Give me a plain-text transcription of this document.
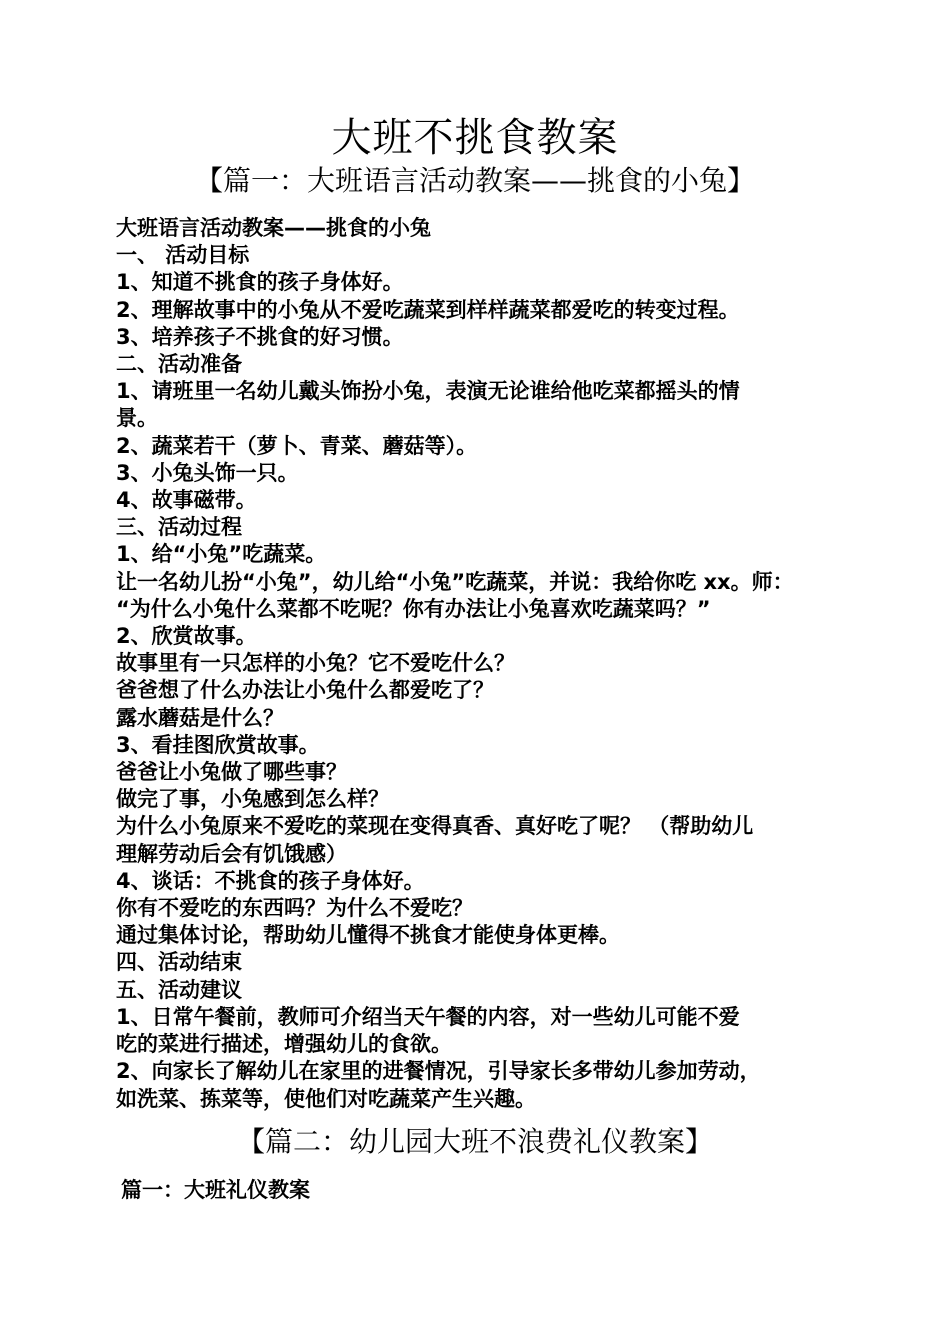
大班不挑食教案
【篇一：大班语言活动教案——挑食的小兔】
大班语言活动教案——挑食的小兔
一、 活动目标
1、知道不挑食的孩子身体好。
2、理解故事中的小兔从不爱吃蔬菜到样样蔬菜都爱吃的转变过程。
3、培养孩子不挑食的好习惯。
二、活动准备
1、请班里一名幼儿戴头饰扮小兔，表演无论谁给他吃菜都摇头的情
景。
2、蔬菜若干（萝卜、青菜、蘑菇等）。
3、小兔头饰一只。
4、故事磁带。
三、活动过程
1、给“小兔”吃蔬菜。
让一名幼儿扮“小兔”，幼儿给“小兔”吃蔬菜，并说：我给你吃 xx。师：
“为什么小兔什么菜都不吃呢？你有办法让小兔喜欢吃蔬菜吗？”
2、欣赏故事。
故事里有一只怎样的小兔？它不爱吃什么？
爸爸想了什么办法让小兔什么都爱吃了？
露水蘑菇是什么？
3、看挂图欣赏故事。
爸爸让小兔做了哪些事？
做完了事，小兔感到怎么样？
为什么小兔原来不爱吃的菜现在变得真香、真好吃了呢？ （帮助幼儿
理解劳动后会有饥饿感）
4、谈话：不挑食的孩子身体好。
你有不爱吃的东西吗？为什么不爱吃？
通过集体讨论，帮助幼儿懂得不挑食才能使身体更棒。
四、活动结束
五、活动建议
1、日常午餐前，教师可介绍当天午餐的内容，对一些幼儿可能不爱
吃的菜进行描述，增强幼儿的食欲。
2、向家长了解幼儿在家里的进餐情况，引导家长多带幼儿参加劳动，
如洗菜、拣菜等，使他们对吃蔬菜产生兴趣。
【篇二：幼儿园大班不浪费礼仪教案】
篇一：大班礼仪教案
